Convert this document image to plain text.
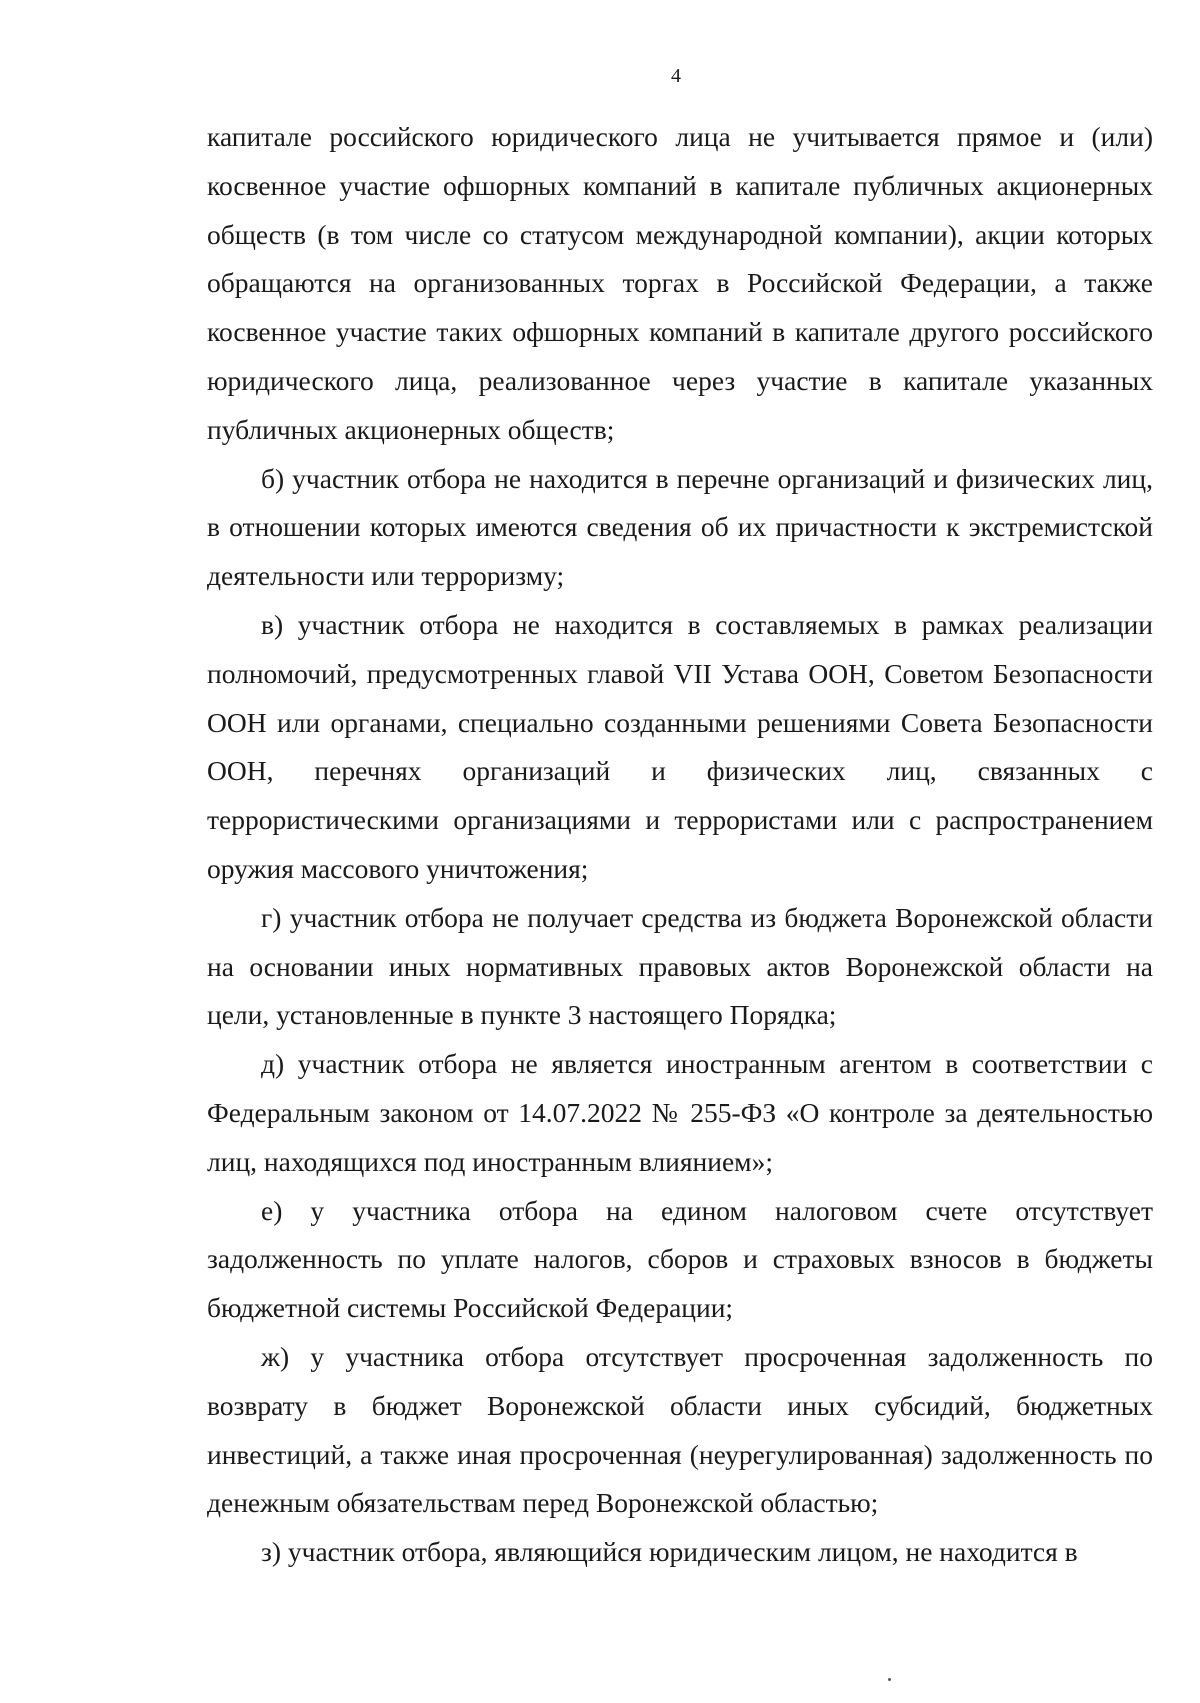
4

капитале российского юридического лица не учитывается прямое и (или) косвенное участие офшорных компаний в капитале публичных акционерных обществ (в том числе со статусом международной компании), акции которых обращаются на организованных торгах в Российской Федерации, а также косвенное участие таких офшорных компаний в капитале другого российского юридического лица, реализованное через участие в капитале указанных публичных акционерных обществ;

б) участник отбора не находится в перечне организаций и физических лиц, в отношении которых имеются сведения об их причастности к экстремистской деятельности или терроризму;

в) участник отбора не находится в составляемых в рамках реализации полномочий, предусмотренных главой VII Устава ООН, Советом Безопасности ООН или органами, специально созданными решениями Совета Безопасности ООН, перечнях организаций и физических лиц, связанных с террористическими организациями и террористами или с распространением оружия массового уничтожения;

г) участник отбора не получает средства из бюджета Воронежской области на основании иных нормативных правовых актов Воронежской области на цели, установленные в пункте 3 настоящего Порядка;

д) участник отбора не является иностранным агентом в соответствии с Федеральным законом от 14.07.2022 № 255-ФЗ «О контроле за деятельностью лиц, находящихся под иностранным влиянием»;

е) у участника отбора на едином налоговом счете отсутствует задолженность по уплате налогов, сборов и страховых взносов в бюджеты бюджетной системы Российской Федерации;

ж) у участника отбора отсутствует просроченная задолженность по возврату в бюджет Воронежской области иных субсидий, бюджетных инвестиций, а также иная просроченная (неурегулированная) задолженность по денежным обязательствам перед Воронежской областью;

з) участник отбора, являющийся юридическим лицом, не находится в
